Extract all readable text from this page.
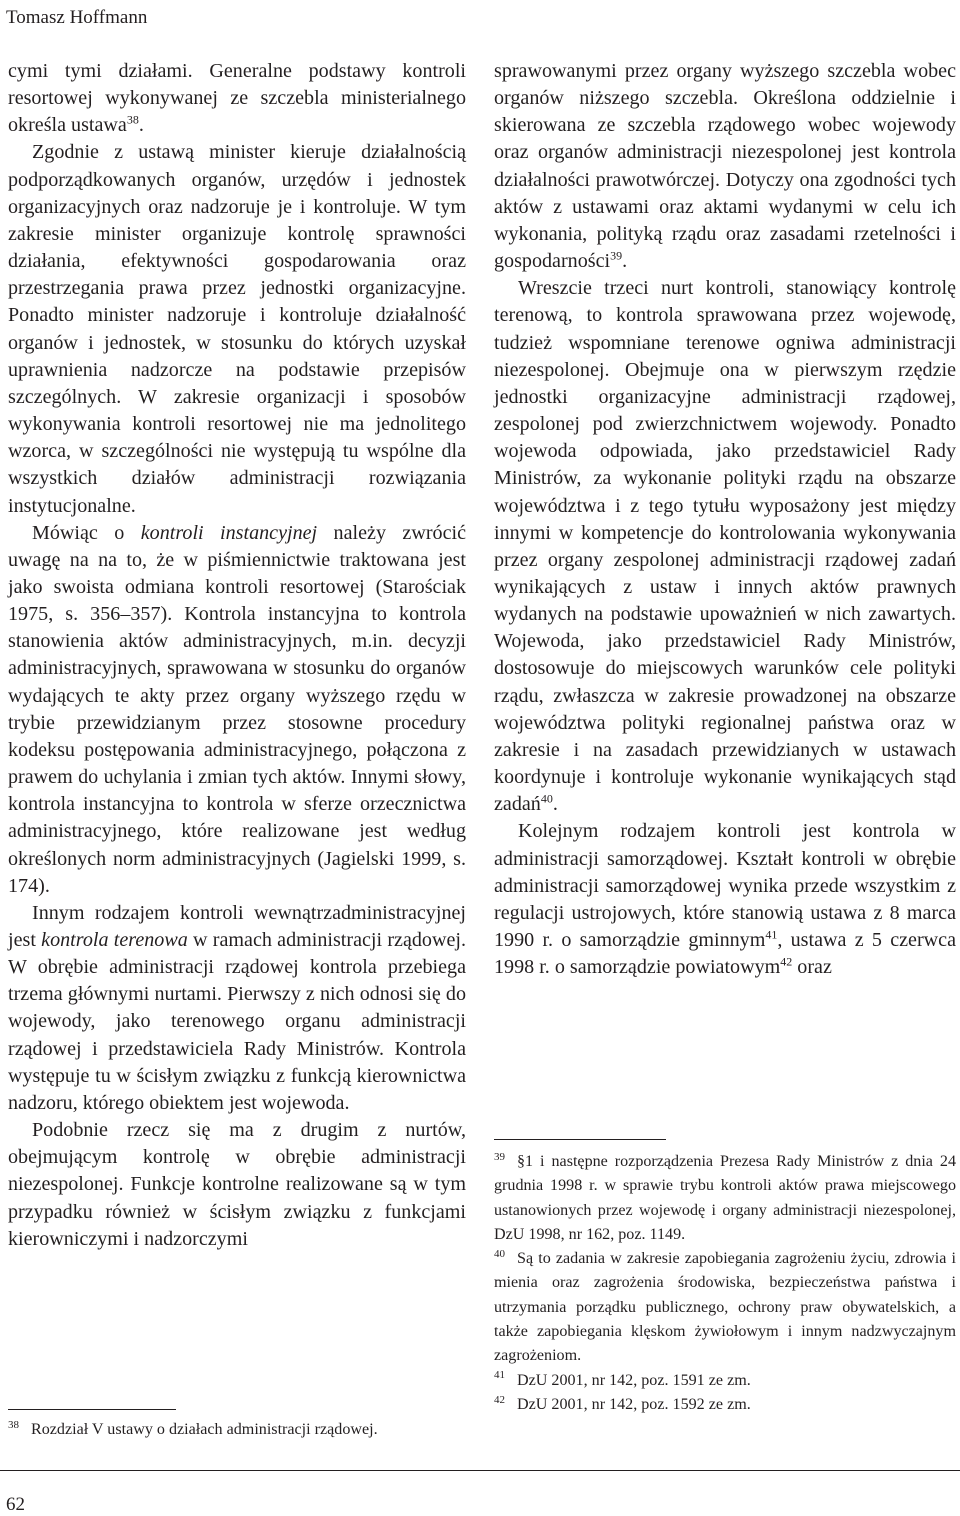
Tomasz Hoffmann

cymi tymi działami. Generalne podstawy kontroli resortowej wykonywanej ze szczebla ministerialnego określa ustawa$^{38}$.

Zgodnie z ustawą minister kieruje działalnością podporządkowanych organów, urzędów i jednostek organizacyjnych oraz nadzoruje je i kontroluje. W tym zakresie minister organizuje kontrolę sprawności działania, efektywności gospodarowania oraz przestrzegania prawa przez jednostki organizacyjne. Ponadto minister nadzoruje i kontroluje działalność organów i jednostek, w stosunku do których uzyskał uprawnienia nadzorcze na podstawie przepisów szczególnych. W zakresie organizacji i sposobów wykonywania kontroli resortowej nie ma jednolitego wzorca, w szczególności nie występują tu wspólne dla wszystkich działów administracji rozwiązania instytucjonalne.

Mówiąc o kontroli instancyjnej należy zwrócić uwagę na na to, że w piśmiennictwie traktowana jest jako swoista odmiana kontroli resortowej (Starościak 1975, s. 356–357). Kontrola instancyjna to kontrola stanowienia aktów administracyjnych, m.in. decyzji administracyjnych, sprawowana w stosunku do organów wydających te akty przez organy wyższego rzędu w trybie przewidzianym przez stosowne procedury kodeksu postępowania administracyjnego, połączona z prawem do uchylania i zmian tych aktów. Innymi słowy, kontrola instancyjna to kontrola w sferze orzecznictwa administracyjnego, które realizowane jest według określonych norm administracyjnych (Jagielski 1999, s. 174).

Innym rodzajem kontroli wewnątrzadministracyjnej jest kontrola terenowa w ramach administracji rządowej. W obrębie administracji rządowej kontrola przebiega trzema głównymi nurtami. Pierwszy z nich odnosi się do wojewody, jako terenowego organu administracji rządowej i przedstawiciela Rady Ministrów. Kontrola występuje tu w ścisłym związku z funkcją kierownictwa nadzoru, którego obiektem jest wojewoda.

Podobnie rzecz się ma z drugim z nurtów, obejmującym kontrolę w obrębie administracji niezespolonej. Funkcje kontrolne realizowane są w tym przypadku również w ścisłym związku z funkcjami kierowniczymi i nadzorczymi

sprawowanymi przez organy wyższego szczebla wobec organów niższego szczebla. Określona oddzielnie i skierowana ze szczebla rządowego wobec wojewody oraz organów administracji niezespolonej jest kontrola działalności prawotwórczej. Dotyczy ona zgodności tych aktów z ustawami oraz aktami wydanymi w celu ich wykonania, polityką rządu oraz zasadami rzetelności i gospodarności$^{39}$.

Wreszcie trzeci nurt kontroli, stanowiący kontrolę terenową, to kontrola sprawowana przez wojewodę, tudzież wspomniane terenowe ogniwa administracji niezespolonej. Obejmuje ona w pierwszym rzędzie jednostki organizacyjne administracji rządowej, zespolonej pod zwierzchnictwem wojewody. Ponadto wojewoda odpowiada, jako przedstawiciel Rady Ministrów, za wykonanie polityki rządu na obszarze województwa i z tego tytułu wyposażony jest między innymi w kompetencje do kontrolowania wykonywania przez organy zespolonej administracji rządowej zadań wynikających z ustaw i innych aktów prawnych wydanych na podstawie upoważnień w nich zawartych. Wojewoda, jako przedstawiciel Rady Ministrów, dostosowuje do miejscowych warunków cele polityki rządu, zwłaszcza w zakresie prowadzonej na obszarze województwa polityki regionalnej państwa oraz w zakresie i na zasadach przewidzianych w ustawach koordynuje i kontroluje wykonanie wynikających stąd zadań$^{40}$.

Kolejnym rodzajem kontroli jest kontrola w administracji samorządowej. Kształt kontroli w obrębie administracji samorządowej wynika przede wszystkim z regulacji ustrojowych, które stanowią ustawa z 8 marca 1990 r. o samorządzie gminnym$^{41}$, ustawa z 5 czerwca 1998 r. o samorządzie powiatowym$^{42}$ oraz

$^{38}$ Rozdział V ustawy o działach administracji rządowej.

$^{39}$ §1 i następne rozporządzenia Prezesa Rady Ministrów z dnia 24 grudnia 1998 r. w sprawie trybu kontroli aktów prawa miejscowego ustanowionych przez wojewodę i organy administracji niezespolonej, DzU 1998, nr 162, poz. 1149.

$^{40}$ Są to zadania w zakresie zapobiegania zagrożeniu życiu, zdrowia i mienia oraz zagrożenia środowiska, bezpieczeństwa państwa i utrzymania porządku publicznego, ochrony praw obywatelskich, a także zapobiegania klęskom żywiołowym i innym nadzwyczajnym zagrożeniom.

$^{41}$ DzU 2001, nr 142, poz. 1591 ze zm.

$^{42}$ DzU 2001, nr 142, poz. 1592 ze zm.

62
